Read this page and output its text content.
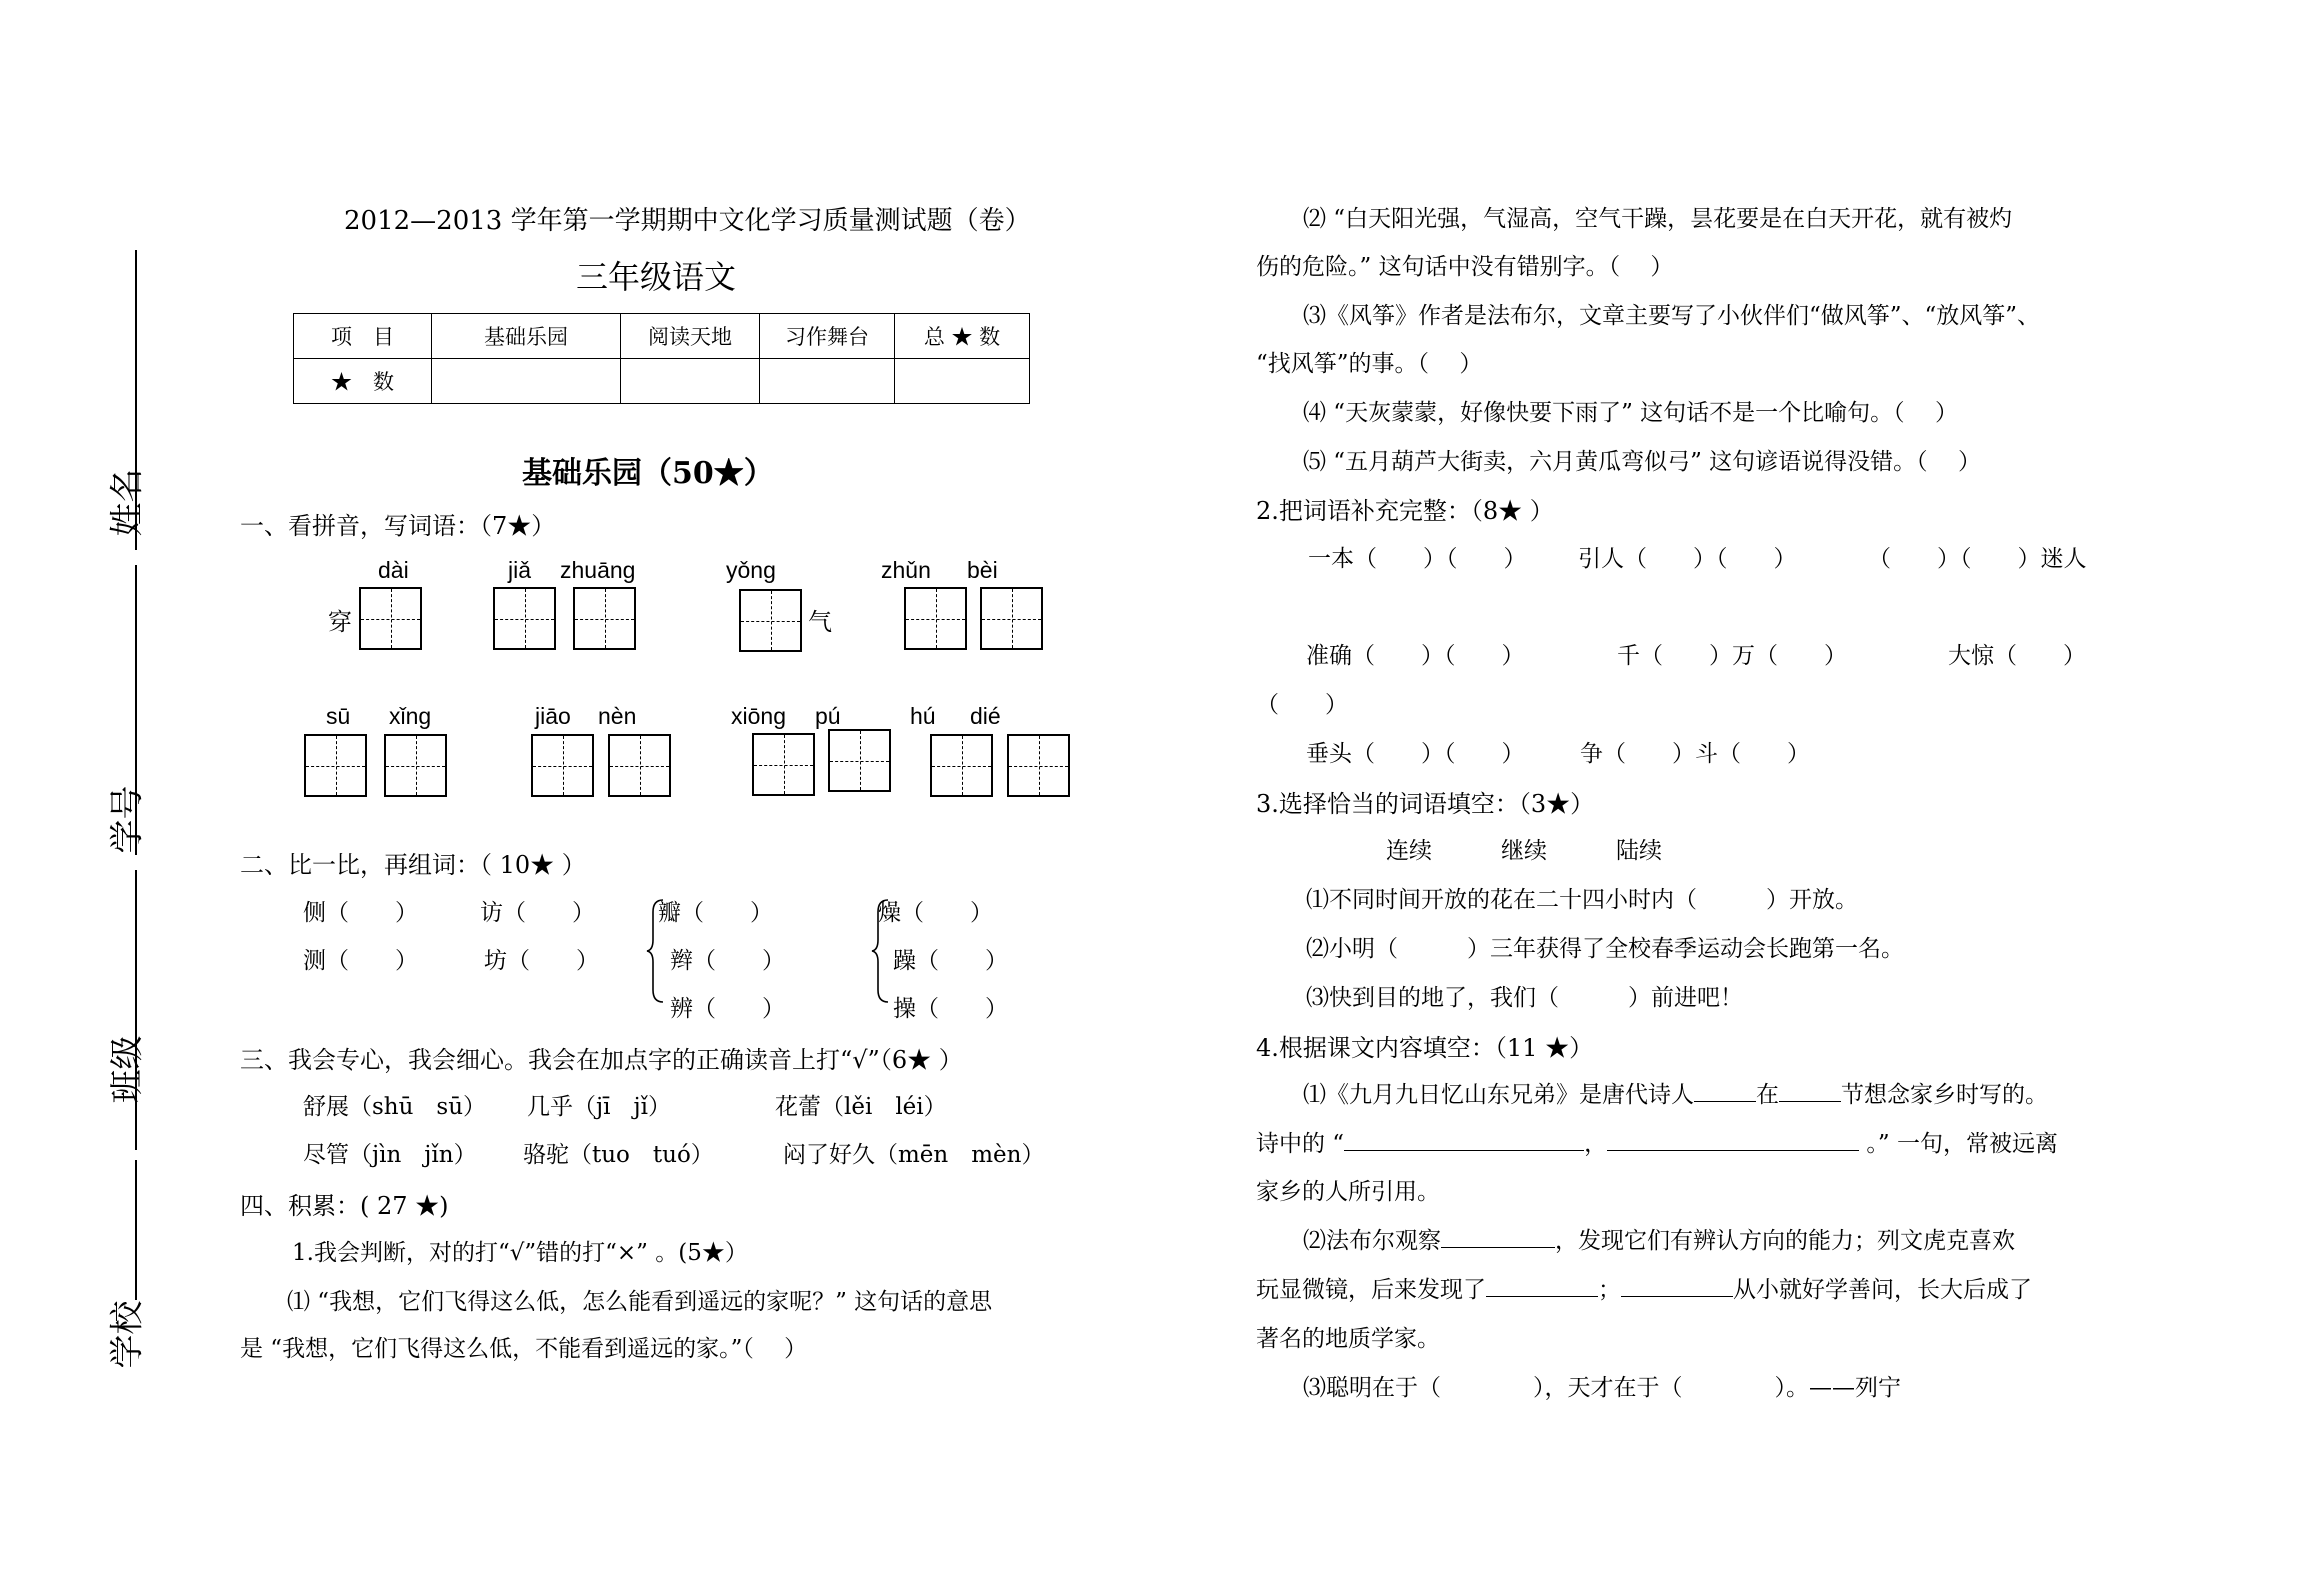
姓名
学号
班级
学校
2012—2013 学年第一学期期中文化学习质量测试题（卷）
三年级语文
项　目	基础乐园	阅读天地	习作舞台	总 ★ 数
★　数				
基础乐园（50★）
一、看拼音，写词语：（7★）
dài
穿
jiǎ zhuāng	yǒng
气
zhǔn bèi
sū xǐng	jiāo nèn	xiōng pú	hú dié
二、比一比，再组词：（ 10★ ）
侧（　　）
测（　　）
访（　　）
坊（　　）
瓣（　　）
辫（　　）
辨（　　）
燥（　　）
躁（　　）
操（　　）
三、我会专心，我会细心。我会在加点字的正确读音上打“√”（6★ ）
舒展（shū　sū） 几乎（jī　jǐ）	花蕾（lěi　léi）
尽管（jìn　jǐn） 骆驼（tuo　tuó）	闷了好久（mēn　mèn）
四、积累：( 27 ★)
1.我会判断，对的打“√”错的打“×” 。(5★）
⑴ “我想，它们飞得这么低，怎么能看到遥远的家呢？” 这句话的意思
是 “我想，它们飞得这么低，不能看到遥远的家。”（　 ）
⑵ “白天阳光强，气湿高，空气干躁，昙花要是在白天开花，就有被灼
伤的危险。” 这句话中没有错别字。（　 ）
⑶《风筝》作者是法布尔，文章主要写了小伙伴们“做风筝”、“放风筝”、
“找风筝”的事。（　 ）
⑷ “天灰蒙蒙，好像快要下雨了” 这句话不是一个比喻句。（　 ）
⑸ “五月葫芦大街卖，六月黄瓜弯似弓” 这句谚语说得没错。（　 ）
2.把词语补充完整：（8★ ）
一本（　　）（　　） 引人（　　）（　　）	（　　）（　　）迷人
准确（　　）（　　）	千（　　）万（　　）	大惊（　　）
（　　）
垂头（　　）（　　） 争（　　）斗（　　）
3.选择恰当的词语填空：（3★）
连续　　　继续　　　陆续
⑴不同时间开放的花在二十四小时内（　　　）开放。
⑵小明（　　　）三年获得了全校春季运动会长跑第一名。
⑶快到目的地了，我们（　　　）前进吧！
4.根据课文内容填空：（11 ★）
⑴《九月九日忆山东兄弟》是唐代诗人	在	节想念家乡时写的。
诗中的 “	，	。” 一句，常被远离
家乡的人所引用。
⑵法布尔观察	，发现它们有辨认方向的能力；列文虎克喜欢
玩显微镜，后来发现了	；	从小就好学善问，长大后成了
著名的地质学家。
⑶聪明在于（　　　　），天才在于（　　　　）。——列宁
